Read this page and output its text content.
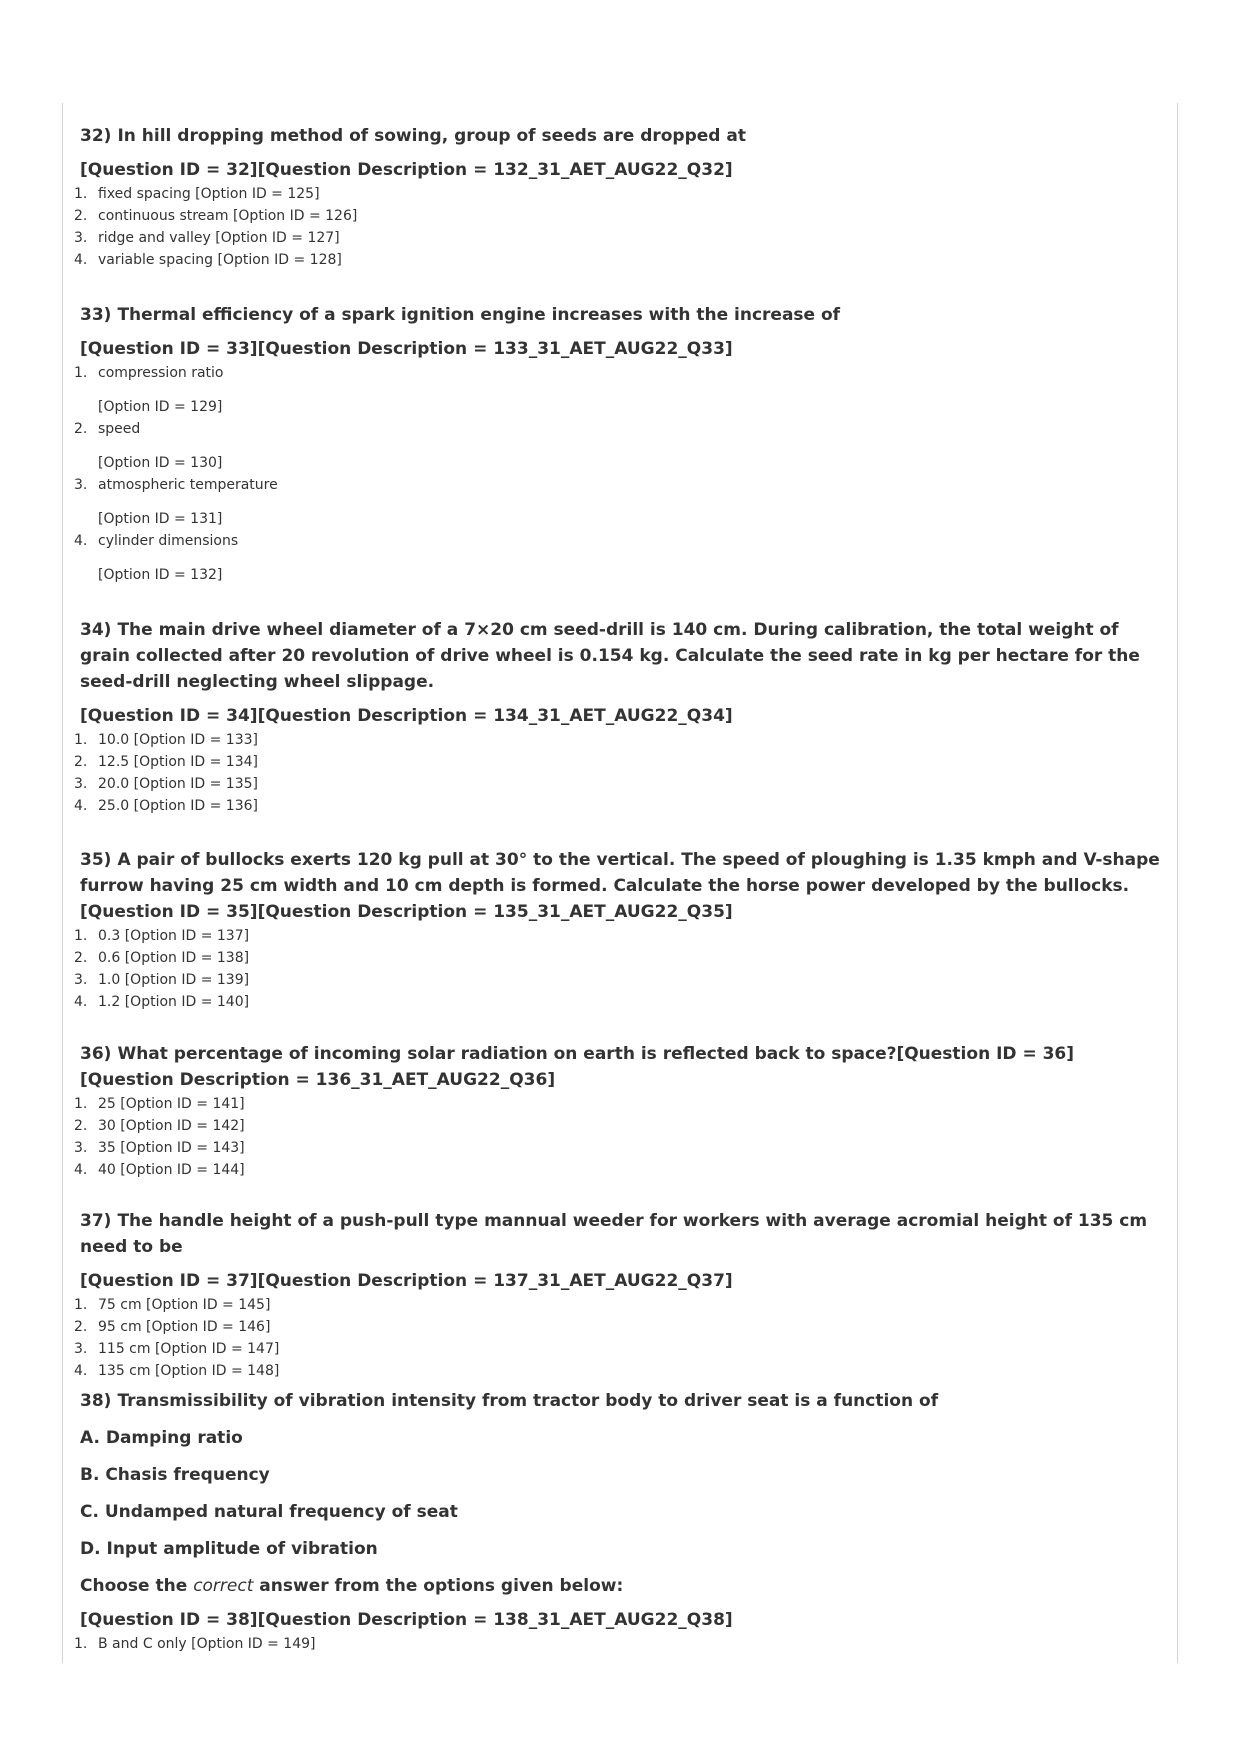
32) In hill dropping method of sowing, group of seeds are dropped at

[Question ID = 32][Question Description = 132_31_AET_AUG22_Q32]

1. fixed spacing [Option ID = 125]
2. continuous stream [Option ID = 126]
3. ridge and valley [Option ID = 127]
4. variable spacing [Option ID = 128]

33) Thermal efficiency of a spark ignition engine increases with the increase of

[Question ID = 33][Question Description = 133_31_AET_AUG22_Q33]

1. compression ratio
[Option ID = 129]
2. speed
[Option ID = 130]
3. atmospheric temperature
[Option ID = 131]
4. cylinder dimensions
[Option ID = 132]

34) The main drive wheel diameter of a 7×20 cm seed-drill is 140 cm. During calibration, the total weight of grain collected after 20 revolution of drive wheel is 0.154 kg. Calculate the seed rate in kg per hectare for the seed-drill neglecting wheel slippage.

[Question ID = 34][Question Description = 134_31_AET_AUG22_Q34]

1. 10.0 [Option ID = 133]
2. 12.5 [Option ID = 134]
3. 20.0 [Option ID = 135]
4. 25.0 [Option ID = 136]

35) A pair of bullocks exerts 120 kg pull at 30° to the vertical. The speed of ploughing is 1.35 kmph and V-shape furrow having 25 cm width and 10 cm depth is formed. Calculate the horse power developed by the bullocks.[Question ID = 35][Question Description = 135_31_AET_AUG22_Q35]

1. 0.3 [Option ID = 137]
2. 0.6 [Option ID = 138]
3. 1.0 [Option ID = 139]
4. 1.2 [Option ID = 140]

36) What percentage of incoming solar radiation on earth is reflected back to space?[Question ID = 36][Question Description = 136_31_AET_AUG22_Q36]

1. 25 [Option ID = 141]
2. 30 [Option ID = 142]
3. 35 [Option ID = 143]
4. 40 [Option ID = 144]

37) The handle height of a push-pull type mannual weeder for workers with average acromial height of 135 cm need to be

[Question ID = 37][Question Description = 137_31_AET_AUG22_Q37]

1. 75 cm [Option ID = 145]
2. 95 cm [Option ID = 146]
3. 115 cm [Option ID = 147]
4. 135 cm [Option ID = 148]

38) Transmissibility of vibration intensity from tractor body to driver seat is a function of

A. Damping ratio

B. Chasis frequency

C. Undamped natural frequency of seat

D. Input amplitude of vibration

Choose the correct answer from the options given below:

[Question ID = 38][Question Description = 138_31_AET_AUG22_Q38]

1. B and C only [Option ID = 149]
